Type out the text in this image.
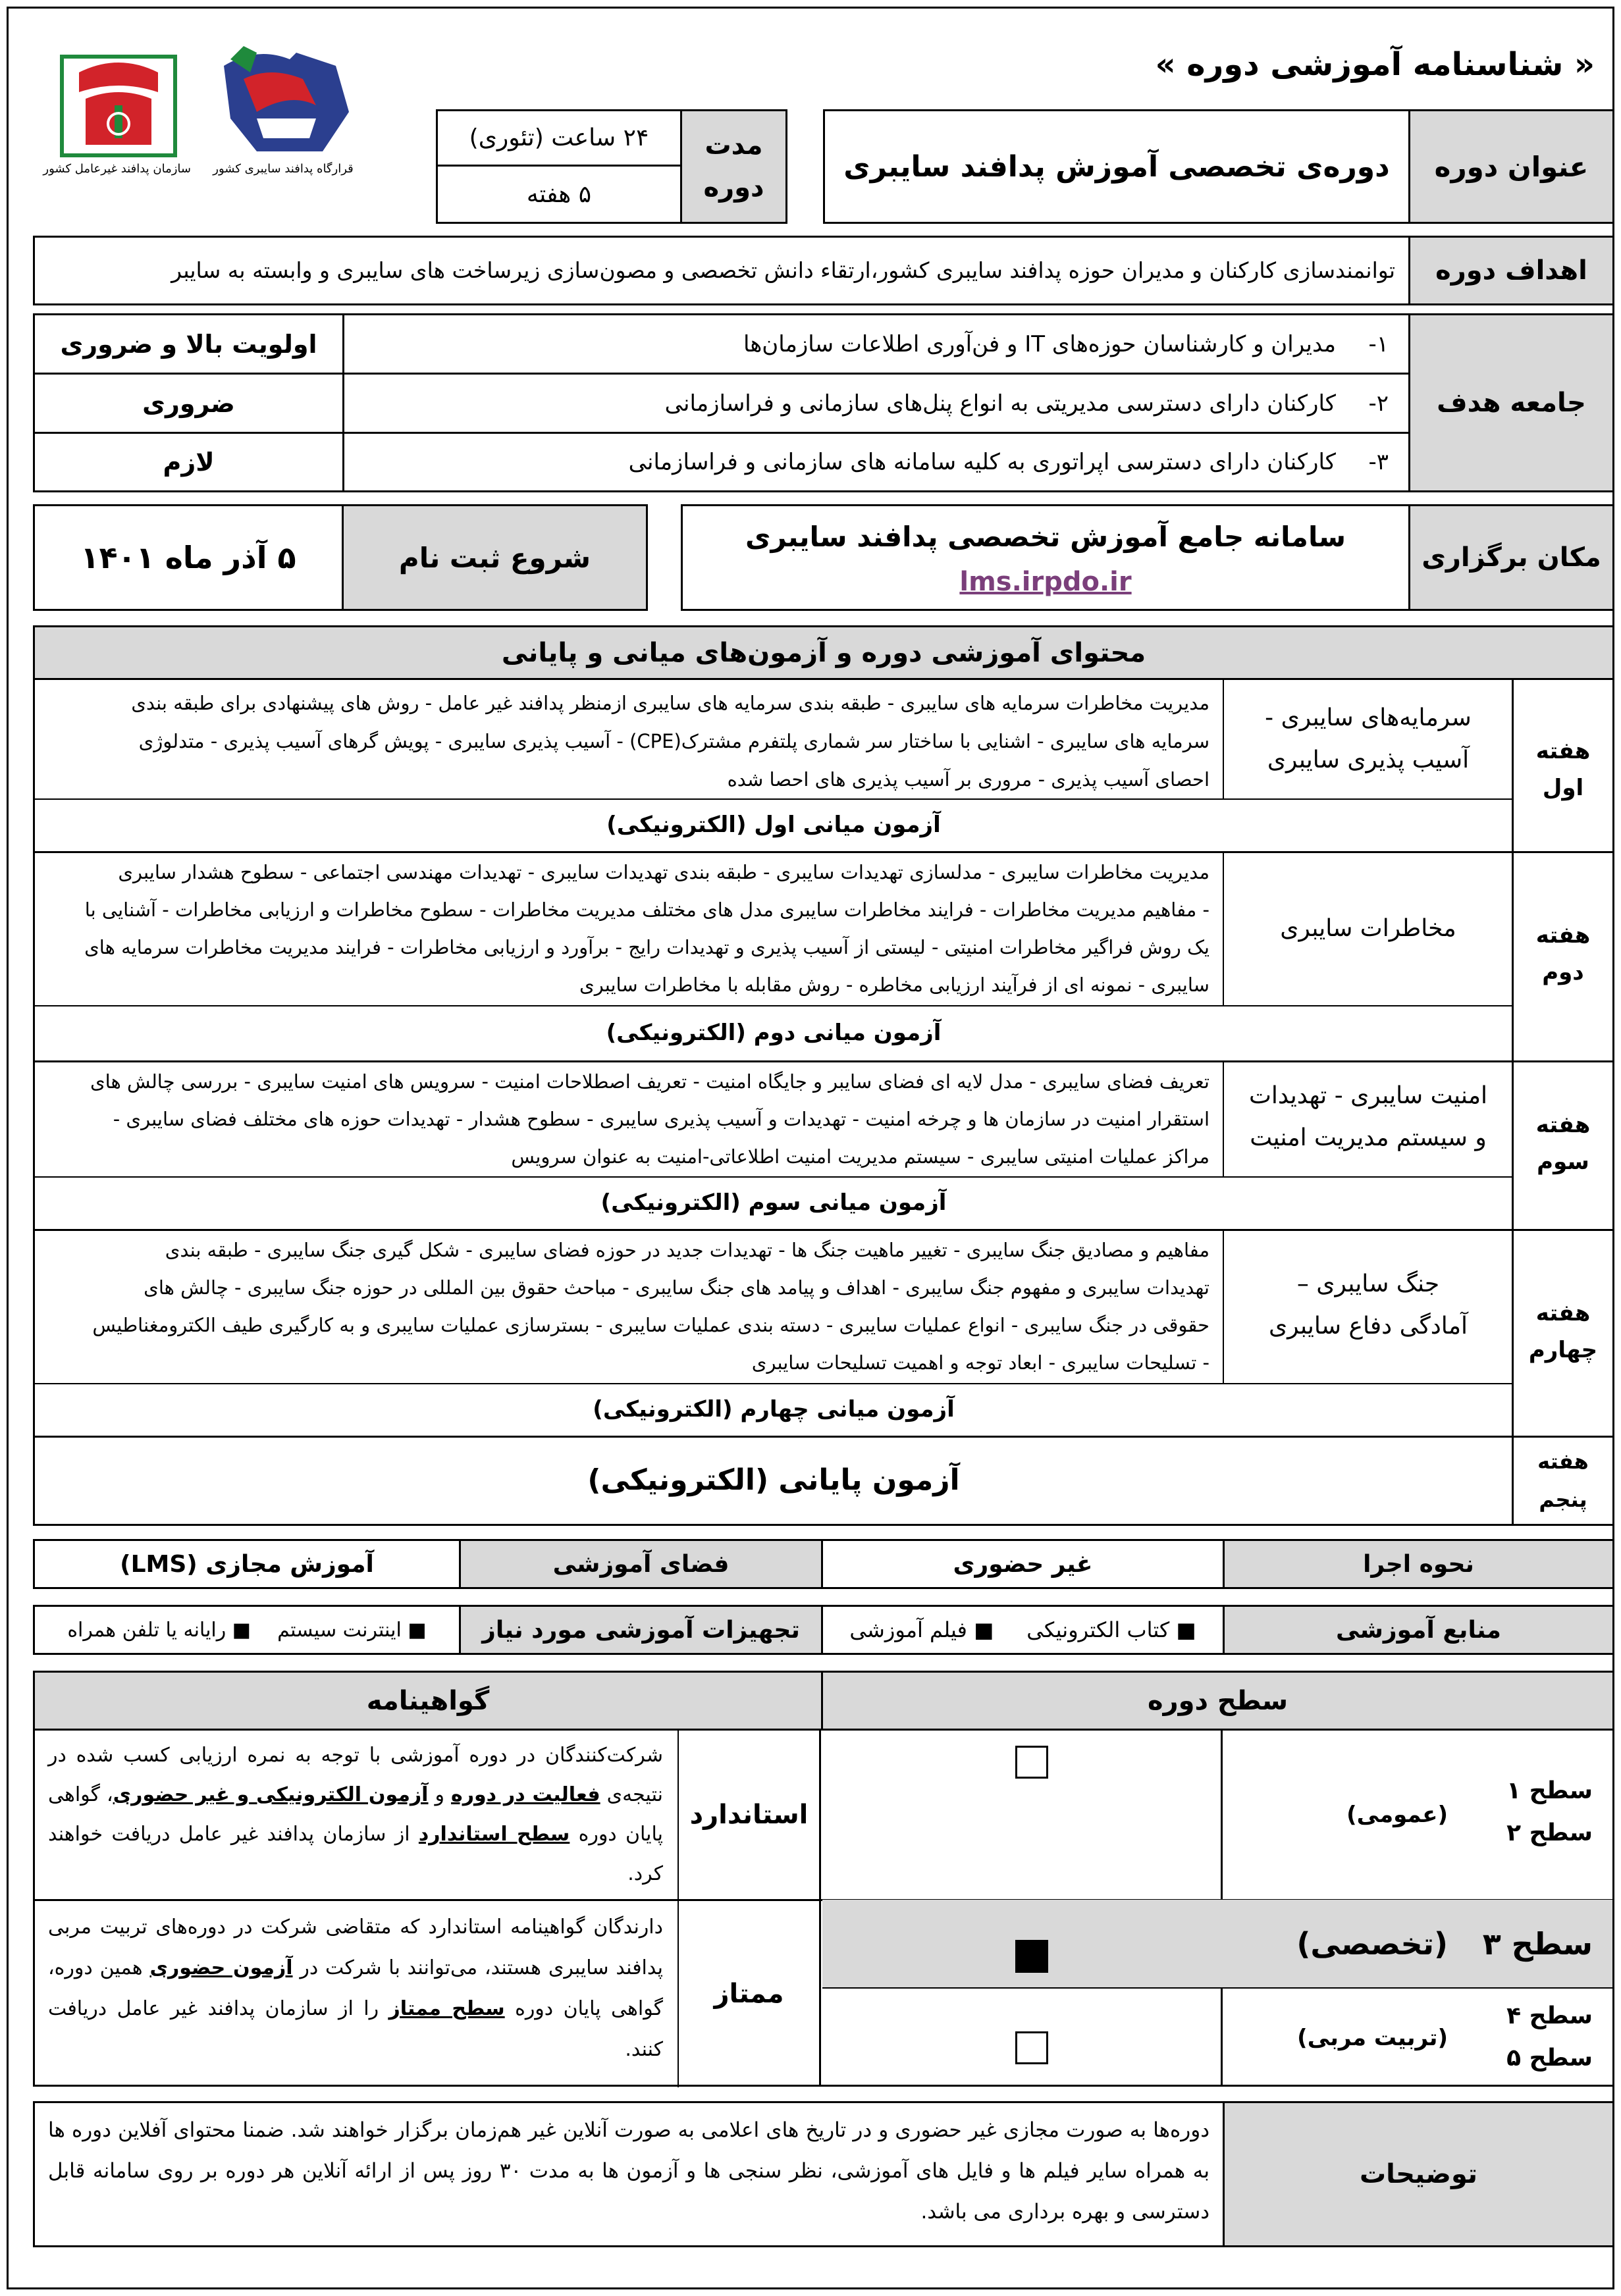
« شناسنامه آموزشی دوره »
سازمان پدافند غیرعامل کشور قرارگاه پدافند سایبری کشور	عنوان دوره
دوره‌ی تخصصی آموزش پدافند سایبری
مدت
دوره
۲۴ ساعت (تئوری)
۵ هفته
اهداف دوره
توانمندسازی کارکنان و مدیران حوزه پدافند سایبری کشور،ارتقاء دانش تخصصی و مصون‌سازی زیرساخت های سایبری و وابسته به سایبر
جامعه هدف
۱-
مدیران و کارشناسان حوزه‌های IT و فن‌آوری اطلاعات سازمان‌ها
اولویت بالا و ضروری
۲-
کارکنان دارای دسترسی مدیریتی به انواع پنل‌های سازمانی و فراسازمانی
ضروری
۳-
کارکنان دارای دسترسی اپراتوری به کلیه سامانه های سازمانی و فراسازمانی
لازم
مکان برگزاری
سامانه جامع آموزش تخصصی پدافند سایبری
lms.irpdo.ir
شروع ثبت نام
۵ آذر ماه ۱۴۰۱
محتوای آموزشی دوره و آزمون‌های میانی و پایانی
هفته
اول
سرمایه‌های سایبری -
آسیب پذیری سایبری
مدیریت مخاطرات سرمایه های سایبری - طبقه بندی سرمایه های سایبری ازمنظر پدافند غیر عامل - روش های پیشنهادی برای طبقه بندی
سرمایه های سایبری - اشنایی با ساختار سر شماری پلتفرم مشترک(CPE) - آسیب پذیری سایبری - پویش گرهای آسیب پذیری - متدلوژی
احصای آسیب پذیری - مروری بر آسیب پذیری های احصا شده
آزمون میانی اول (الکترونیکی)
هفته
دوم
مخاطرات سایبری
مدیریت مخاطرات سایبری - مدلسازی تهدیدات سایبری - طبقه بندی تهدیدات سایبری - تهدیدات مهندسی اجتماعی - سطوح هشدار سایبری
- مفاهیم مدیریت مخاطرات - فرایند مخاطرات سایبری مدل های مختلف مدیریت مخاطرات - سطوح مخاطرات و ارزیابی مخاطرات - آشنایی با
یک روش فراگیر مخاطرات امنیتی - لیستی از آسیب پذیری و تهدیدات رایج - برآورد و ارزیابی مخاطرات - فرایند مدیریت مخاطرات سرمایه های
سایبری - نمونه ای از فرآیند ارزیابی مخاطره - روش مقابله با مخاطرات سایبری
آزمون میانی دوم (الکترونیکی)
هفته
سوم
امنیت سایبری - تهدیدات
و سیستم مدیریت امنیت
تعریف فضای سایبری - مدل لایه ای فضای سایبر و جایگاه امنیت - تعریف اصطلاحات امنیت - سرویس های امنیت سایبری - بررسی چالش های
استقرار امنیت در سازمان ها و چرخه امنیت - تهدیدات و آسیب پذیری سایبری - سطوح هشدار - تهدیدات حوزه های مختلف فضای سایبری -
مراکز عملیات امنیتی سایبری - سیستم مدیریت امنیت اطلاعاتی-امنیت به عنوان سرویس
آزمون میانی سوم (الکترونیکی)
هفته
چهارم
جنگ سایبری –
آمادگی دفاع سایبری
مفاهیم و مصادیق جنگ سایبری - تغییر ماهیت جنگ ها - تهدیدات جدید در حوزه فضای سایبری - شکل گیری جنگ سایبری - طبقه بندی
تهدیدات سایبری و مفهوم جنگ سایبری - اهداف و پیامد های جنگ سایبری - مباحث حقوق بین المللی در حوزه جنگ سایبری - چالش های
حقوقی در جنگ سایبری - انواع عملیات سایبری - دسته بندی عملیات سایبری - بسترسازی عملیات سایبری و به کارگیری طیف الکترومغناطیس
- تسلیحات سایبری - ابعاد توجه و اهمیت تسلیحات سایبری
آزمون میانی چهارم (الکترونیکی)
هفته
پنجم
آزمون پایانی (الکترونیکی)
نحوه اجرا
غیر حضوری
فضای آموزشی
آموزش مجازی (LMS)
منابع آموزشی
■ کتاب الکترونیکی
■ فیلم آموزشی
تجهیزات آموزشی مورد نیاز
■ اینترنت سیستم
■ رایانه یا تلفن همراه
سطح دوره
گواهینامه
سطح ۱
سطح ۲
(عمومی)
سطح ۳
(تخصصی)
سطح ۴
سطح ۵
(تربیت مربی)
استاندارد
شرکت‌کنندگان در دوره آموزشی با توجه به نمره ارزیابی کسب شده در نتیجه‌ی فعالیت در دوره و آزمون الکترونیکی و غیر حضوری، گواهی پایان دوره سطح استاندارد از سازمان پدافند غیر عامل دریافت خواهند کرد.
ممتاز
دارندگان گواهینامه استاندارد که متقاضی شرکت در دوره‌های تربیت مربی پدافند سایبری هستند، می‌توانند با شرکت در آزمون حضوری همین دوره، گواهی پایان دوره سطح ممتاز را از سازمان پدافند غیر عامل دریافت کنند.
توضیحات
دوره‌ها به صورت مجازی غیر حضوری و در تاریخ های اعلامی به صورت آنلاین غیر هم‌زمان برگزار خواهند شد. ضمنا محتوای آفلاین دوره ها به همراه سایر فیلم ها و فایل های آموزشی، نظر سنجی ها و آزمون ها به مدت ۳۰ روز پس از ارائه آنلاین هر دوره بر روی سامانه قابل دسترسی و بهره برداری می باشد.
